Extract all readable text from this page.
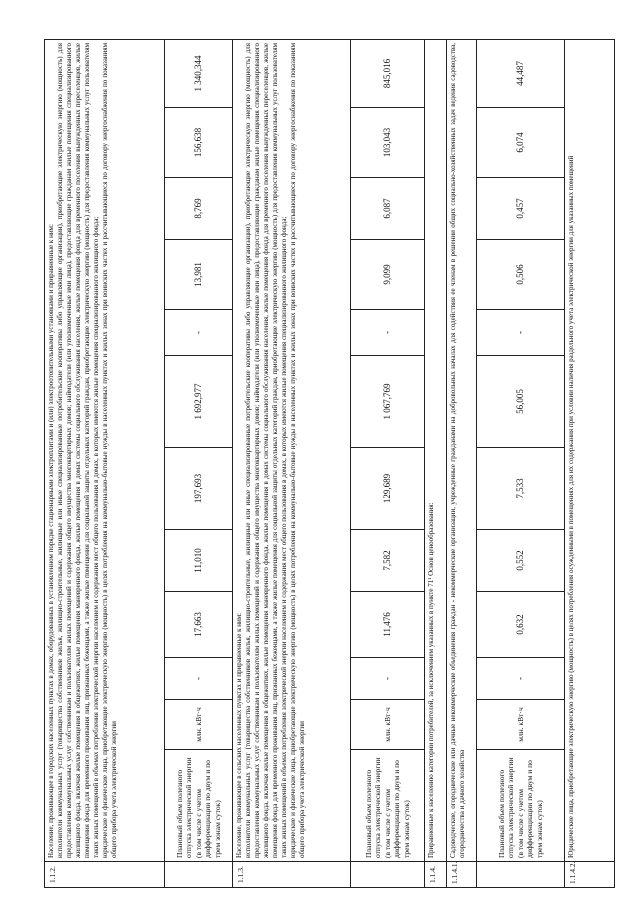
1.1.2.	Население, проживающее в городских населенных пунктах в домах, оборудованных в установленном порядке стационарными электроплитами и (или) электроотопительными установками и приравненные к ним: исполнители коммунальных услуг (товарищества собственников жилья, жилищно-строительные, жилищные или иные специализированные потребительские кооперативы либо управляющие организации), приобретающие электрическую энергию (мощность) для предоставления коммунальных услуг собственникам и пользователям жилых помещений и содержания общего имущества многоквартирных домов; наймодатели (или уполномоченные ими лица), предоставляющие гражданам жилые помещения специализированного жилищного фонда, включая жилые помещения в общежитиях, жилые помещения маневренного фонда, жилые помещения в домах системы социального обслуживания населения, жилые помещения фонда для временного поселения вынужденных переселенцев, жилые помещения фонда для временного проживания лиц, признанных беженцами, а также жилые помещения для социальной защиты отдельных категорий граждан, приобретающие электрическую энергию (мощность) для предоставления коммунальных услуг пользователям таких жилых помещений в объемах потребления электрической энергии населением и содержания мест общего пользования в домах, в которых имеются жилые помещения специализированного жилищного фонда; юридические и физические лица, приобретающие электрическую энергию (мощность) в целях потребления на коммунально-бытовые нужды в населенных пунктах и жилых зонах при воинских частях и рассчитывающиеся по договору энергоснабжения по показаниям общего прибора учета электрической энергии											

	Плановый объем полезного отпуска электрической энергии (в том числе с учетом дифференциации по двум и по трем зонам суток)	млн. кВт·ч	-	17,663	11,010	197,693	1 692,977	-	13,981	8,769	156,638	1 340,344
1.1.3.	Население, проживающее в сельских населенных пунктах и приравненные к ним: исполнители коммунальных услуг (товарищества собственников жилья, жилищно-строительные, жилищные или иные специализированные потребительские кооперативы либо управляющие организации), приобретающие электрическую энергию (мощность) для предоставления коммунальных услуг собственникам и пользователям жилых помещений и содержания общего имущества многоквартирных домов; наймодатели (или уполномоченные ими лица), предоставляющие гражданам жилые помещения специализированного жилищного фонда, включая жилые помещения в общежитиях, жилые помещения маневренного фонда, жилые помещения в домах системы социального обслуживания населения, жилые помещения фонда для временного поселения вынужденных переселенцев, жилые помещения фонда для временного проживания лиц, признанных беженцами, а также жилые помещения для социальной защиты отдельных категорий граждан, приобретающие электрическую энергию (мощность) для предоставления коммунальных услуг пользователям таких жилых помещений в объемах потребления электрической энергии населением и содержания мест общего пользования в домах, в которых имеются жилые помещения специализированного жилищного фонда; юридические и физические лица, приобретающие электрическую энергию (мощность) в целях потребления на коммунально-бытовые нужды в населенных пунктах и жилых зонах при воинских частях и рассчитывающиеся по договору энергоснабжения по показаниям общего прибора учета электрической энергии											

	Плановый объем полезного отпуска электрической энергии (в том числе с учетом дифференциации по двум и по трем зонам суток)	млн. кВт·ч	-	11,476	7,582	129,689	1 067,769	-	9,099	6,087	103,043	845,016
1.1.4.	Приравненные к населению категории потребителей, за исключением указанных в пункте 71¹ Основ ценообразования:											
1.1.4.1.	Садоводческие, огороднические или дачные некоммерческие объединения граждан - некоммерческие организации, учрежденные гражданами на добровольных началах для содействия ее членам в решении общих социально-хозяйственных задач ведения садоводства, огородничества и дачного хозяйства											
	Плановый объем полезного отпуска электрической энергии (в том числе с учетом дифференциации по двум и по трем зонам суток)	млн. кВт·ч	-	0,632	0,552	7,533	56,005	-	0,506	0,457	6,074	44,487
1.1.4.2.	Юридические лица, приобретающие электрическую энергию (мощность) в целях потребления осужденными в помещениях для их содержания при условии наличия раздельного учета электрической энергии для указанных помещений											
